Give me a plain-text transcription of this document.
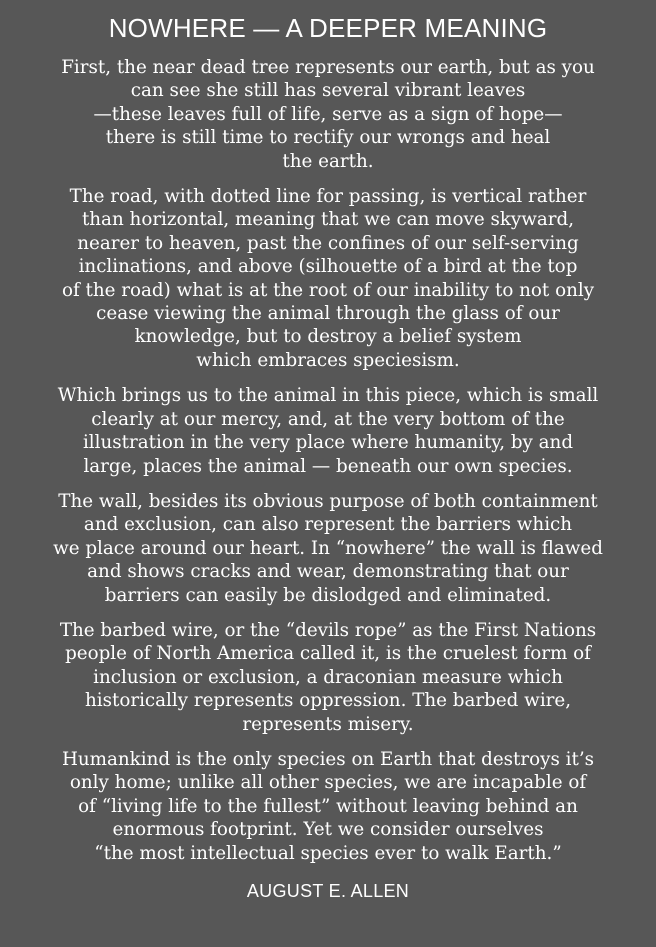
NOWHERE — A DEEPER MEANING

First, the near dead tree represents our earth, but as you
can see she still has several vibrant leaves
—these leaves full of life, serve as a sign of hope—
there is still time to rectify our wrongs and heal
the earth.

The road, with dotted line for passing, is vertical rather
than horizontal, meaning that we can move skyward,
nearer to heaven, past the confines of our self-serving
inclinations, and above (silhouette of a bird at the top
of the road) what is at the root of our inability to not only
cease viewing the animal through the glass of our
knowledge, but to destroy a belief system
which embraces speciesism.

Which brings us to the animal in this piece, which is small
clearly at our mercy, and, at the very bottom of the
illustration in the very place where humanity, by and
large, places the animal — beneath our own species.

The wall, besides its obvious purpose of both containment
and exclusion, can also represent the barriers which
we place around our heart. In “nowhere” the wall is flawed
and shows cracks and wear, demonstrating that our
barriers can easily be dislodged and eliminated.

The barbed wire, or the “devils rope” as the First Nations
people of North America called it, is the cruelest form of
inclusion or exclusion, a draconian measure which
historically represents oppression. The barbed wire,
represents misery.

Humankind is the only species on Earth that destroys it’s
only home; unlike all other species, we are incapable of
of “living life to the fullest” without leaving behind an
enormous footprint. Yet we consider ourselves
“the most intellectual species ever to walk Earth.”

AUGUST E. ALLEN
